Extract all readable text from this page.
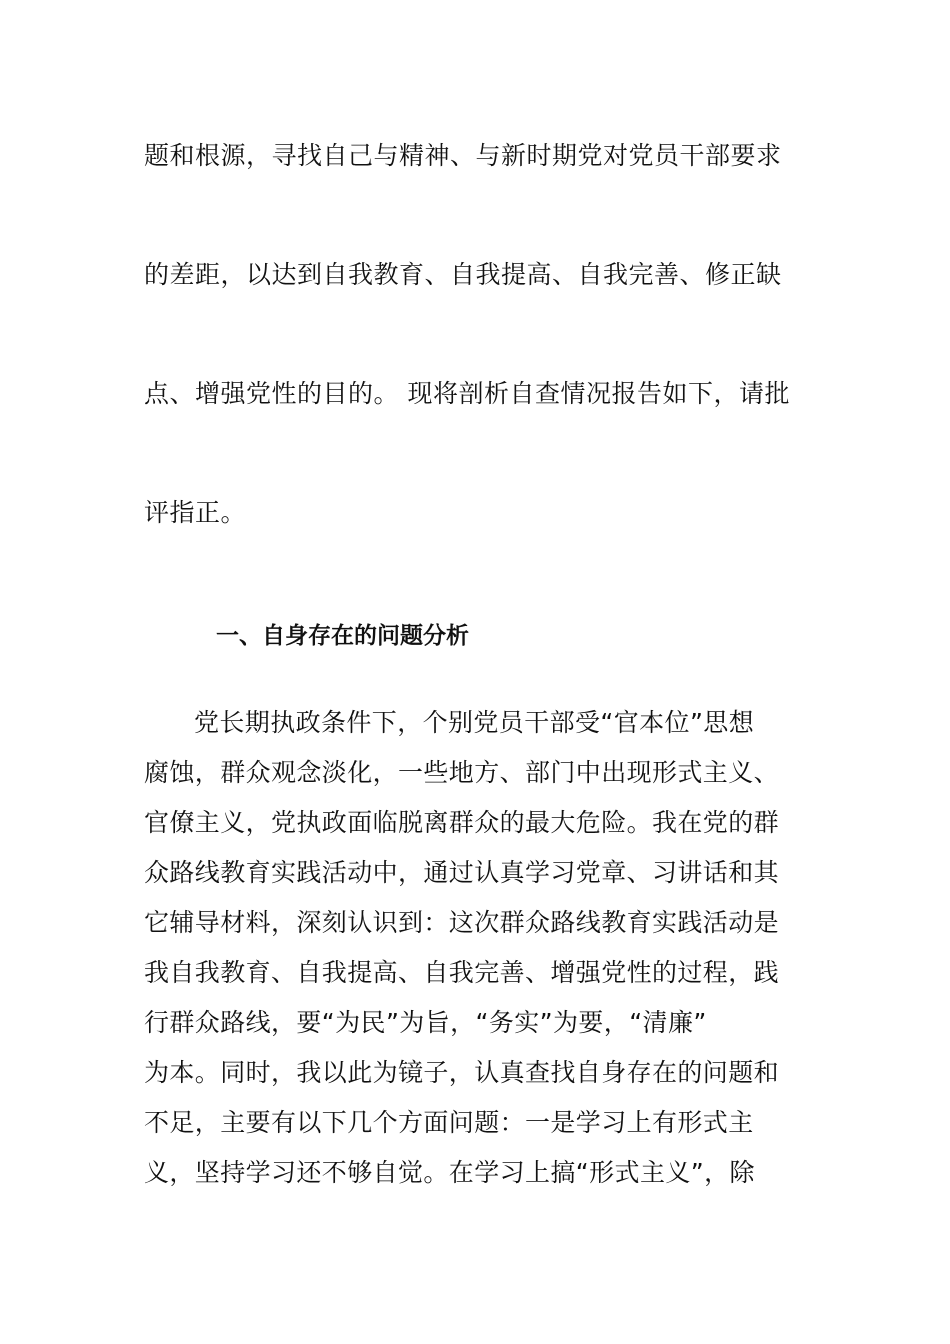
题和根源，寻找自己与精神、与新时期党对党员干部要求
的差距，以达到自我教育、自我提高、自我完善、修正缺
点、增强党性的目的。 现将剖析自查情况报告如下，请批
评指正。
一、自身存在的问题分析
党长期执政条件下，个别党员干部受“官本位”思想
腐蚀，群众观念淡化，一些地方、部门中出现形式主义、
官僚主义，党执政面临脱离群众的最大危险。我在党的群
众路线教育实践活动中，通过认真学习党章、习讲话和其
它辅导材料，深刻认识到：这次群众路线教育实践活动是
我自我教育、自我提高、自我完善、增强党性的过程，践
行群众路线，要“为民”为旨，“务实”为要，“清廉”
为本。同时，我以此为镜子，认真查找自身存在的问题和
不足，主要有以下几个方面问题：一是学习上有形式主
义，坚持学习还不够自觉。在学习上搞“形式主义”，除
